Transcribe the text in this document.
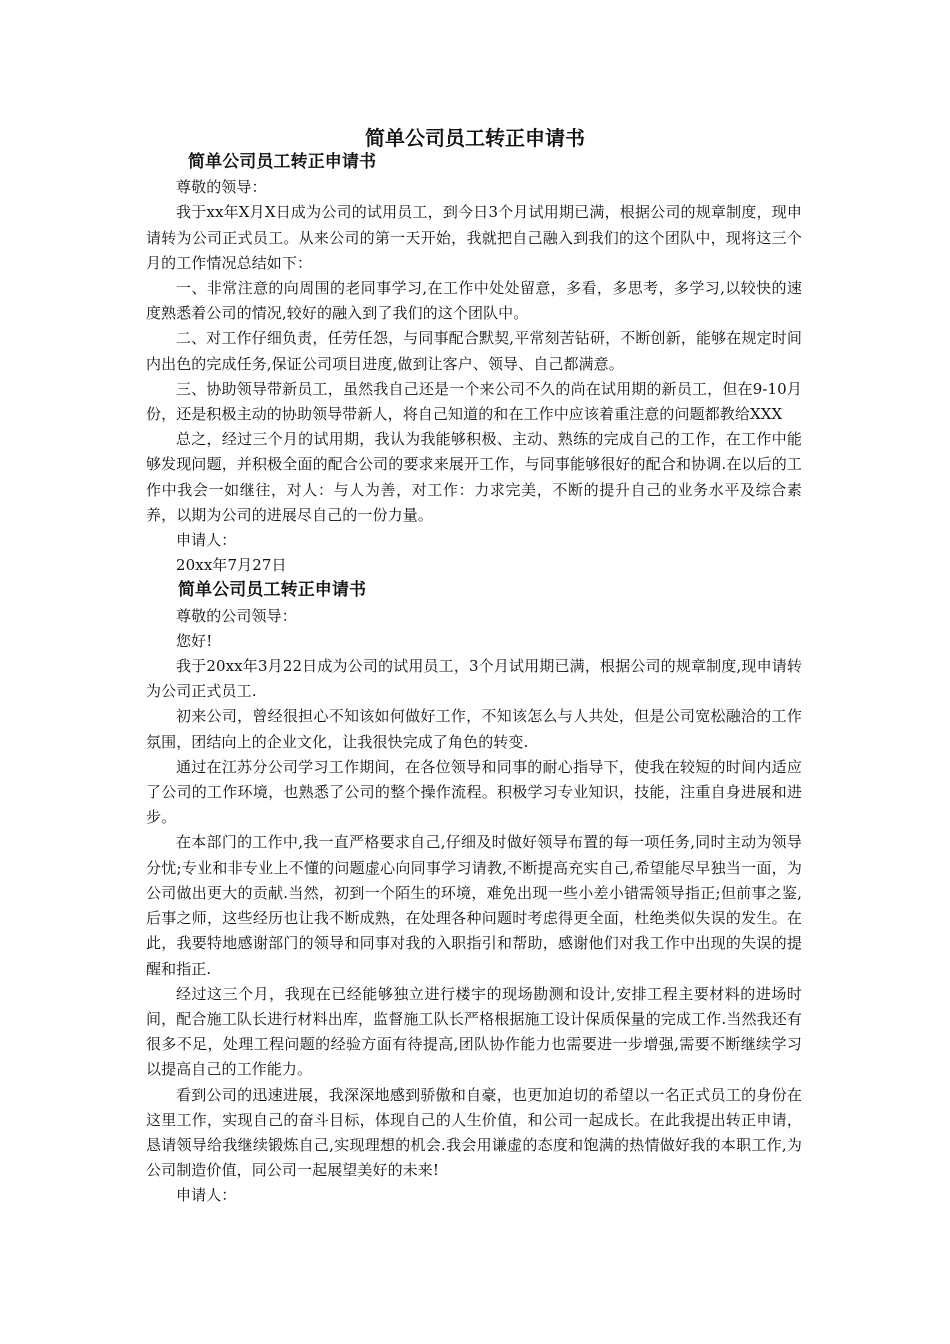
简单公司员工转正申请书
简单公司员工转正申请书

尊敬的领导：

我于xx年X月X日成为公司的试用员工，到今日3个月试用期已满，根据公司的规章制度，现申请转为公司正式员工。从来公司的第一天开始，我就把自己融入到我们的这个团队中，现将这三个月的工作情况总结如下：

一、非常注意的向周围的老同事学习,在工作中处处留意，多看，多思考，多学习,以较快的速度熟悉着公司的情况,较好的融入到了我们的这个团队中。

二、对工作仔细负责，任劳任怨，与同事配合默契,平常刻苦钻研，不断创新，能够在规定时间内出色的完成任务,保证公司项目进度,做到让客户、领导、自己都满意。

三、协助领导带新员工，虽然我自己还是一个来公司不久的尚在试用期的新员工，但在9-10月份，还是积极主动的协助领导带新人，将自己知道的和在工作中应该着重注意的问题都教给XXX

总之，经过三个月的试用期，我认为我能够积极、主动、熟练的完成自己的工作，在工作中能够发现问题，并积极全面的配合公司的要求来展开工作，与同事能够很好的配合和协调.在以后的工作中我会一如继往，对人：与人为善，对工作：力求完美，不断的提升自己的业务水平及综合素养，以期为公司的进展尽自己的一份力量。

申请人：

20xx年7月27日

简单公司员工转正申请书

尊敬的公司领导：

您好!

我于20xx年3月22日成为公司的试用员工，3个月试用期已满，根据公司的规章制度,现申请转为公司正式员工.

初来公司，曾经很担心不知该如何做好工作，不知该怎么与人共处，但是公司宽松融洽的工作氛围，团结向上的企业文化，让我很快完成了角色的转变.

通过在江苏分公司学习工作期间，在各位领导和同事的耐心指导下，使我在较短的时间内适应了公司的工作环境，也熟悉了公司的整个操作流程。积极学习专业知识，技能，注重自身进展和进步。

在本部门的工作中,我一直严格要求自己,仔细及时做好领导布置的每一项任务,同时主动为领导分忧;专业和非专业上不懂的问题虚心向同事学习请教,不断提高充实自己,希望能尽早独当一面，为公司做出更大的贡献.当然，初到一个陌生的环境，难免出现一些小差小错需领导指正;但前事之鉴,后事之师，这些经历也让我不断成熟，在处理各种问题时考虑得更全面，杜绝类似失误的发生。在此，我要特地感谢部门的领导和同事对我的入职指引和帮助，感谢他们对我工作中出现的失误的提醒和指正.

经过这三个月，我现在已经能够独立进行楼宇的现场勘测和设计,安排工程主要材料的进场时间，配合施工队长进行材料出库，监督施工队长严格根据施工设计保质保量的完成工作.当然我还有很多不足，处理工程问题的经验方面有待提高,团队协作能力也需要进一步增强,需要不断继续学习以提高自己的工作能力。

看到公司的迅速进展，我深深地感到骄傲和自豪，也更加迫切的希望以一名正式员工的身份在这里工作，实现自己的奋斗目标，体现自己的人生价值，和公司一起成长。在此我提出转正申请，恳请领导给我继续锻炼自己,实现理想的机会.我会用谦虚的态度和饱满的热情做好我的本职工作,为公司制造价值，同公司一起展望美好的未来!

申请人：
